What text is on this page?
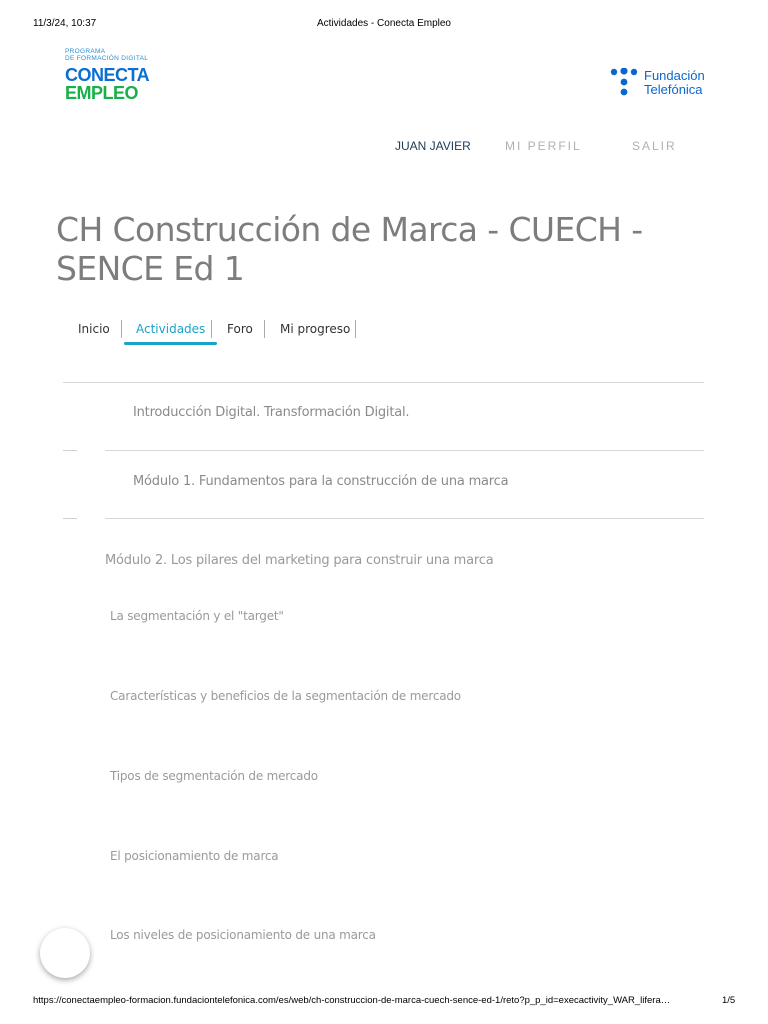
11/3/24, 10:37	Actividades - Conecta Empleo
PROGRAMA
DE FORMACIÓN DIGITAL
CONECTA
EMPLEO
Fundación
Telefónica
JUAN JAVIER	MI PERFIL	SALIR
CH Construcción de Marca - CUECH - SENCE Ed 1
Inicio Actividades Foro Mi progreso
Introducción Digital. Transformación Digital.
Módulo 1. Fundamentos para la construcción de una marca
Módulo 2. Los pilares del marketing para construir una marca
La segmentación y el "target"
Características y beneficios de la segmentación de mercado
Tipos de segmentación de mercado
El posicionamiento de marca
Los niveles de posicionamiento de una marca
https://conectaempleo-formacion.fundaciontelefonica.com/es/web/ch-construccion-de-marca-cuech-sence-ed-1/reto?p_p_id=execactivity_WAR_lifera…	1/5
